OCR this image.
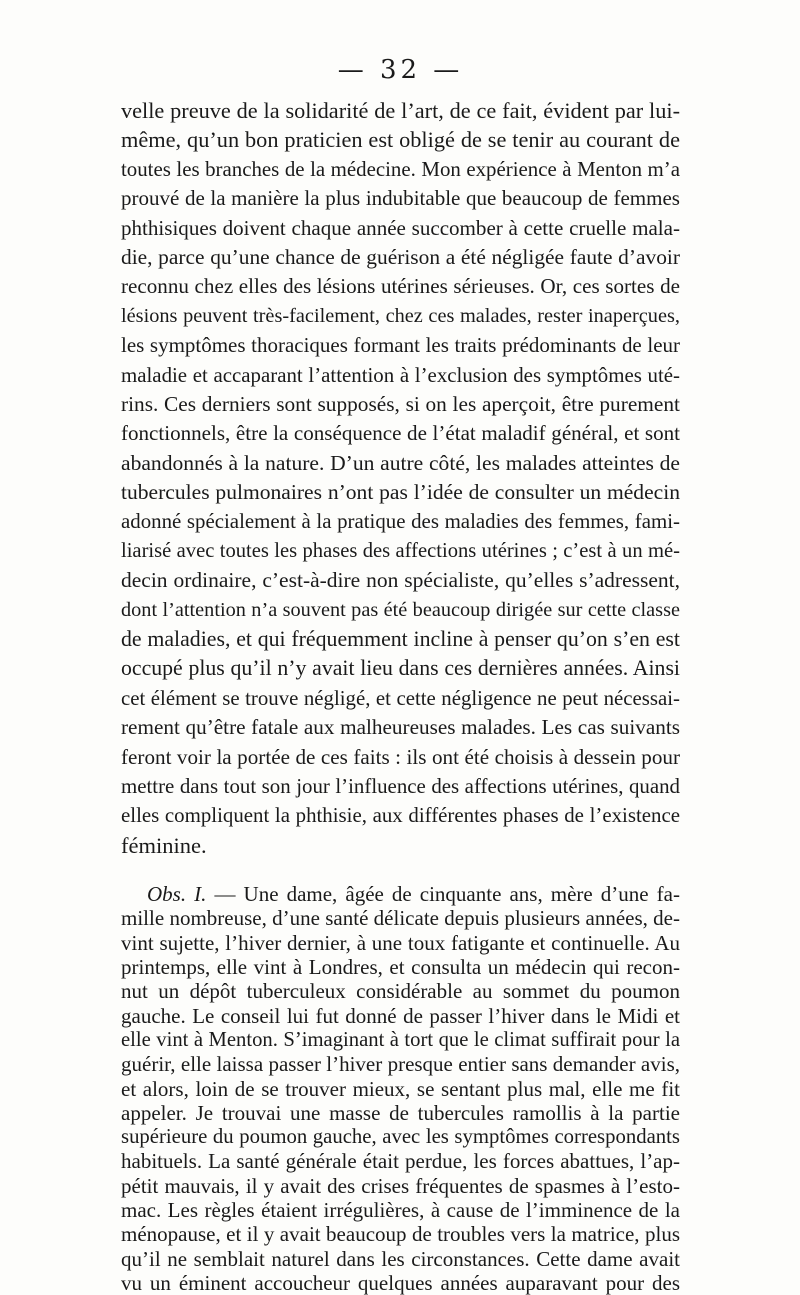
— 32 —
velle preuve de la solidarité de l’art, de ce fait, évident par lui-
même, qu’un bon praticien est obligé de se tenir au courant de
toutes les branches de la médecine. Mon expérience à Menton m’a
prouvé de la manière la plus indubitable que beaucoup de femmes
phthisiques doivent chaque année succomber à cette cruelle mala-
die, parce qu’une chance de guérison a été négligée faute d’avoir
reconnu chez elles des lésions utérines sérieuses. Or, ces sortes de
lésions peuvent très-facilement, chez ces malades, rester inaperçues,
les symptômes thoraciques formant les traits prédominants de leur
maladie et accaparant l’attention à l’exclusion des symptômes uté-
rins. Ces derniers sont supposés, si on les aperçoit, être purement
fonctionnels, être la conséquence de l’état maladif général, et sont
abandonnés à la nature. D’un autre côté, les malades atteintes de
tubercules pulmonaires n’ont pas l’idée de consulter un médecin
adonné spécialement à la pratique des maladies des femmes, fami-
liarisé avec toutes les phases des affections utérines ; c’est à un mé-
decin ordinaire, c’est-à-dire non spécialiste, qu’elles s’adressent,
dont l’attention n’a souvent pas été beaucoup dirigée sur cette classe
de maladies, et qui fréquemment incline à penser qu’on s’en est
occupé plus qu’il n’y avait lieu dans ces dernières années. Ainsi
cet élément se trouve négligé, et cette négligence ne peut nécessai-
rement qu’être fatale aux malheureuses malades. Les cas suivants
feront voir la portée de ces faits : ils ont été choisis à dessein pour
mettre dans tout son jour l’influence des affections utérines, quand
elles compliquent la phthisie, aux différentes phases de l’existence
féminine.
Obs. I. — Une dame, âgée de cinquante ans, mère d’une fa-
mille nombreuse, d’une santé délicate depuis plusieurs années, de-
vint sujette, l’hiver dernier, à une toux fatigante et continuelle. Au
printemps, elle vint à Londres, et consulta un médecin qui recon-
nut un dépôt tuberculeux considérable au sommet du poumon
gauche. Le conseil lui fut donné de passer l’hiver dans le Midi et
elle vint à Menton. S’imaginant à tort que le climat suffirait pour la
guérir, elle laissa passer l’hiver presque entier sans demander avis,
et alors, loin de se trouver mieux, se sentant plus mal, elle me fit
appeler. Je trouvai une masse de tubercules ramollis à la partie
supérieure du poumon gauche, avec les symptômes correspondants
habituels. La santé générale était perdue, les forces abattues, l’ap-
pétit mauvais, il y avait des crises fréquentes de spasmes à l’esto-
mac. Les règles étaient irrégulières, à cause de l’imminence de la
ménopause, et il y avait beaucoup de troubles vers la matrice, plus
qu’il ne semblait naturel dans les circonstances. Cette dame avait
vu un éminent accoucheur quelques années auparavant pour des
